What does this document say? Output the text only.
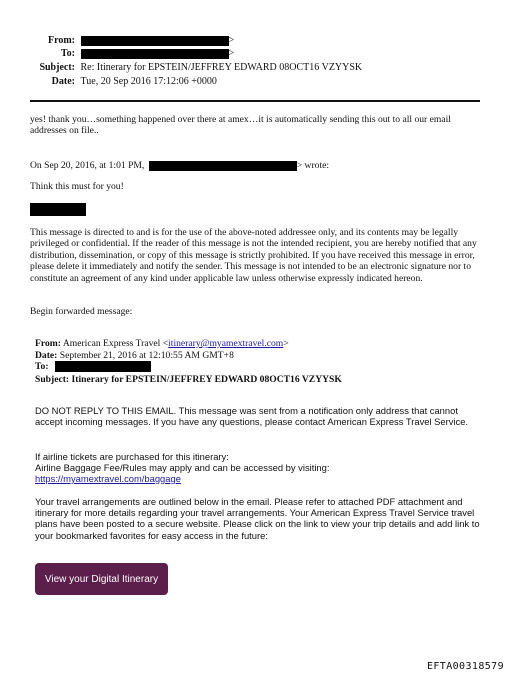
From:	>
To:	>
Subject: Re: Itinerary for EPSTEIN/JEFFREY EDWARD 08OCT16 VZYYSK
Date: Tue, 20 Sep 2016 17:12:06 +0000

yes! thank you…something happened over there at amex…it is automatically sending this out to all our email addresses on file..

On Sep 20, 2016, at 1:01 PM,	> wrote:

Think this must for you!

This message is directed to and is for the use of the above-noted addressee only, and its contents may be legally privileged or confidential. If the reader of this message is not the intended recipient, you are hereby notified that any distribution, dissemination, or copy of this message is strictly prohibited. If you have received this message in error, please delete it immediately and notify the sender. This message is not intended to be an electronic signature nor to constitute an agreement of any kind under applicable law unless otherwise expressly indicated hereon.

Begin forwarded message:

From: American Express Travel <itinerary@myamextravel.com>
Date: September 21, 2016 at 12:10:55 AM GMT+8
To:
Subject: Itinerary for EPSTEIN/JEFFREY EDWARD 08OCT16 VZYYSK

DO NOT REPLY TO THIS EMAIL. This message was sent from a notification only address that cannot accept incoming messages. If you have any questions, please contact American Express Travel Service.

If airline tickets are purchased for this itinerary:

Airline Baggage Fee/Rules may apply and can be accessed by visiting:

https://myamextravel.com/baggage

Your travel arrangements are outlined below in the email. Please refer to attached PDF attachment and itinerary for more details regarding your travel arrangements. Your American Express Travel Service travel plans have been posted to a secure website. Please click on the link to view your trip details and add link to your bookmarked favorites for easy access in the future:

View your Digital Itinerary
EFTA00318579
